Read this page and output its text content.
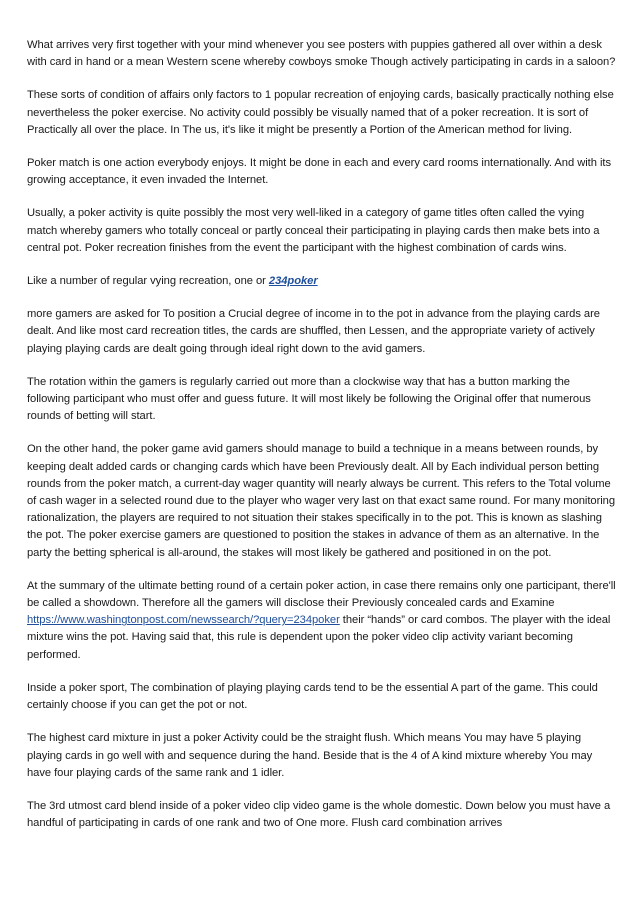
What arrives very first together with your mind whenever you see posters with puppies gathered all over within a desk with card in hand or a mean Western scene whereby cowboys smoke Though actively participating in cards in a saloon?

These sorts of condition of affairs only factors to 1 popular recreation of enjoying cards, basically practically nothing else nevertheless the poker exercise. No activity could possibly be visually named that of a poker recreation. It is sort of Practically all over the place. In The us, it's like it might be presently a Portion of the American method for living.

Poker match is one action everybody enjoys. It might be done in each and every card rooms internationally. And with its growing acceptance, it even invaded the Internet.

Usually, a poker activity is quite possibly the most very well-liked in a category of game titles often called the vying match whereby gamers who totally conceal or partly conceal their participating in playing cards then make bets into a central pot. Poker recreation finishes from the event the participant with the highest combination of cards wins.

Like a number of regular vying recreation, one or 234poker

more gamers are asked for To position a Crucial degree of income in to the pot in advance from the playing cards are dealt. And like most card recreation titles, the cards are shuffled, then Lessen, and the appropriate variety of actively playing playing cards are dealt going through ideal right down to the avid gamers.

The rotation within the gamers is regularly carried out more than a clockwise way that has a button marking the following participant who must offer and guess future. It will most likely be following the Original offer that numerous rounds of betting will start.

On the other hand, the poker game avid gamers should manage to build a technique in a means between rounds, by keeping dealt added cards or changing cards which have been Previously dealt. All by Each individual person betting rounds from the poker match, a current-day wager quantity will nearly always be current. This refers to the Total volume of cash wager in a selected round due to the player who wager very last on that exact same round. For many monitoring rationalization, the players are required to not situation their stakes specifically in to the pot. This is known as slashing the pot. The poker exercise gamers are questioned to position the stakes in advance of them as an alternative. In the party the betting spherical is all-around, the stakes will most likely be gathered and positioned in on the pot.

At the summary of the ultimate betting round of a certain poker action, in case there remains only one participant, there'll be called a showdown. Therefore all the gamers will disclose their Previously concealed cards and Examine https://www.washingtonpost.com/newssearch/?query=234poker their “hands” or card combos. The player with the ideal mixture wins the pot. Having said that, this rule is dependent upon the poker video clip activity variant becoming performed.

Inside a poker sport, The combination of playing playing cards tend to be the essential A part of the game. This could certainly choose if you can get the pot or not.

The highest card mixture in just a poker Activity could be the straight flush. Which means You may have 5 playing playing cards in go well with and sequence during the hand. Beside that is the 4 of A kind mixture whereby You may have four playing cards of the same rank and 1 idler.

The 3rd utmost card blend inside of a poker video clip video game is the whole domestic. Down below you must have a handful of participating in cards of one rank and two of One more. Flush card combination arrives
